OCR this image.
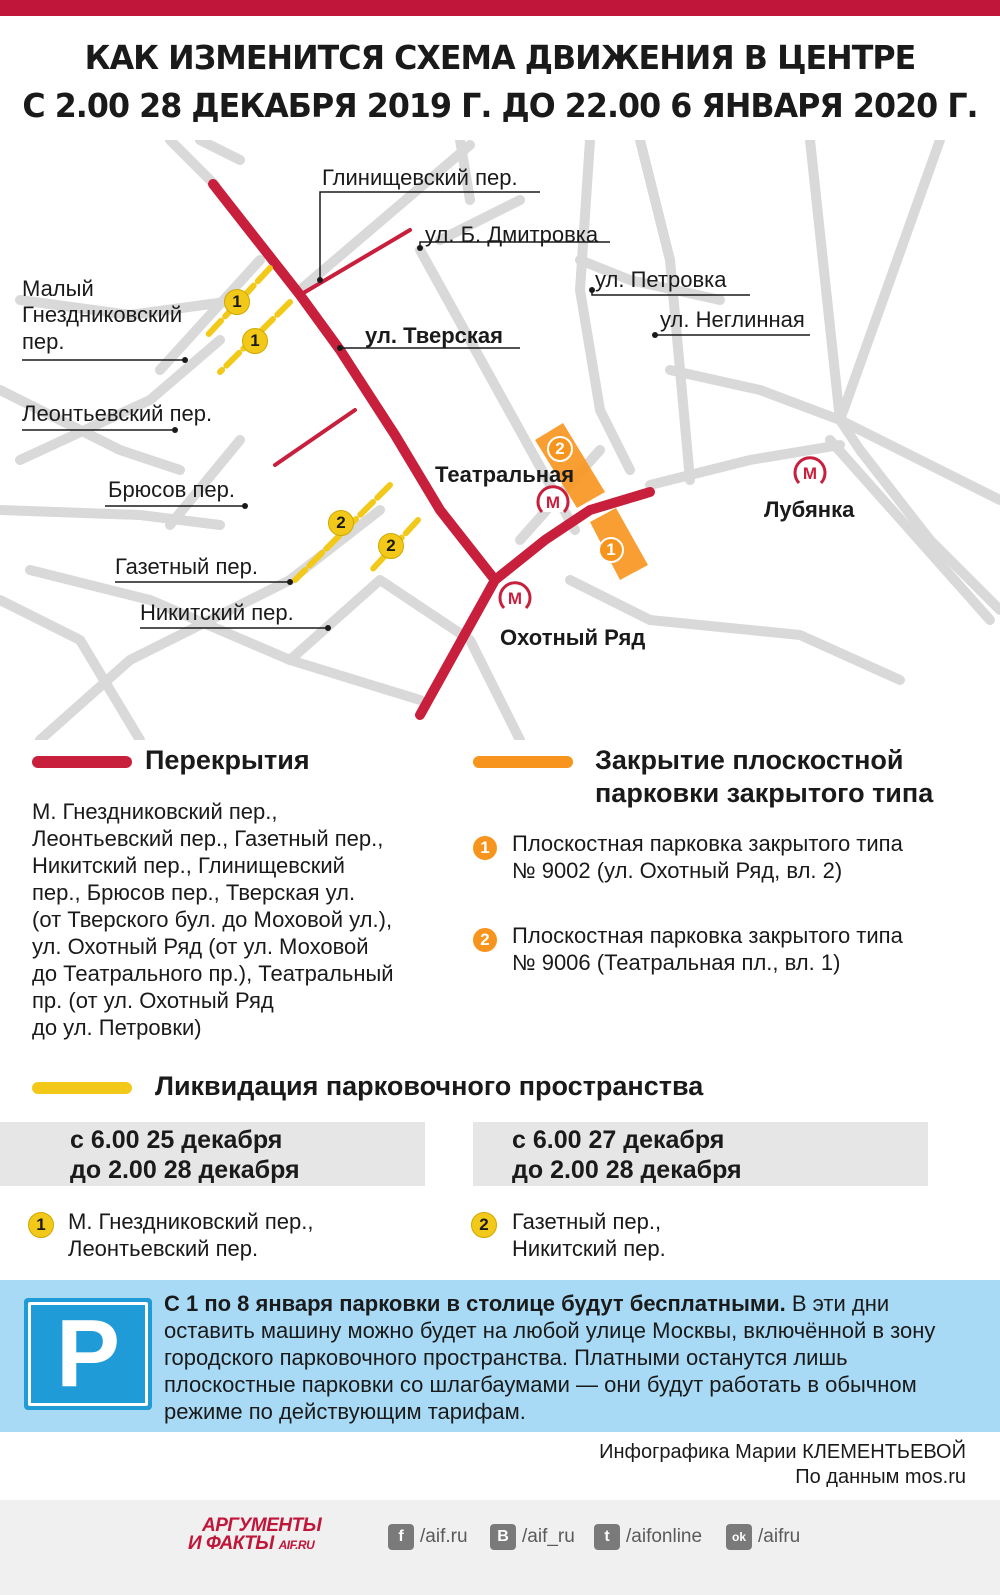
КАК ИЗМЕНИТСЯ СХЕМА ДВИЖЕНИЯ В ЦЕНТРЕ
С 2.00 28 ДЕКАБРЯ 2019 Г. ДО 22.00 6 ЯНВАРЯ 2020 Г.
M
M
M
1
1
2
2
2
1
Глинищевский пер.
ул. Б. Дмитровка
ул. Петровка
ул. Неглинная
Малый
Гнездниковский
пер.	ул. Тверская
Леонтьевский пер.
Брюсов пер.
Газетный пер.
Никитский пер.
Театральная
Лубянка
Охотный Ряд
Перекрытия
М. Гнездниковский пер.,
Леонтьевский пер., Газетный пер.,
Никитский пер., Глинищевский
пер., Брюсов пер., Тверская ул.
(от Тверского бул. до Моховой ул.),
ул. Охотный Ряд (от ул. Моховой
до Театрального пр.), Театральный
пр. (от ул. Охотный Ряд
до ул. Петровки)
Закрытие плоскостной
парковки закрытого типа
1	Плоскостная парковка закрытого типа
№ 9002 (ул. Охотный Ряд, вл. 2)
2	Плоскостная парковка закрытого типа
№ 9006 (Театральная пл., вл. 1)
Ликвидация парковочного пространства
с 6.00 25 декабря
до 2.00 28 декабря
с 6.00 27 декабря
до 2.00 28 декабря
1	М. Гнездниковский пер.,
Леонтьевский пер.
2	Газетный пер.,
Никитский пер.
P	С 1 по 8 января парковки в столице будут бесплатными. В эти дни оставить машину можно будет на любой улице Москвы, включённой в зону городского парковочного пространства. Платными останутся лишь плоскостные парковки со шлагбаумами — они будут работать в обычном режиме по действующим тарифам.
Инфографика Марии КЛЕМЕНТЬЕВОЙ
По данным mos.ru
АРГУМЕНТЫ
И ФАКТЫ AIF.RU	f /aif.ru	В /aif_ru	t /aifonline	ok /aifru
